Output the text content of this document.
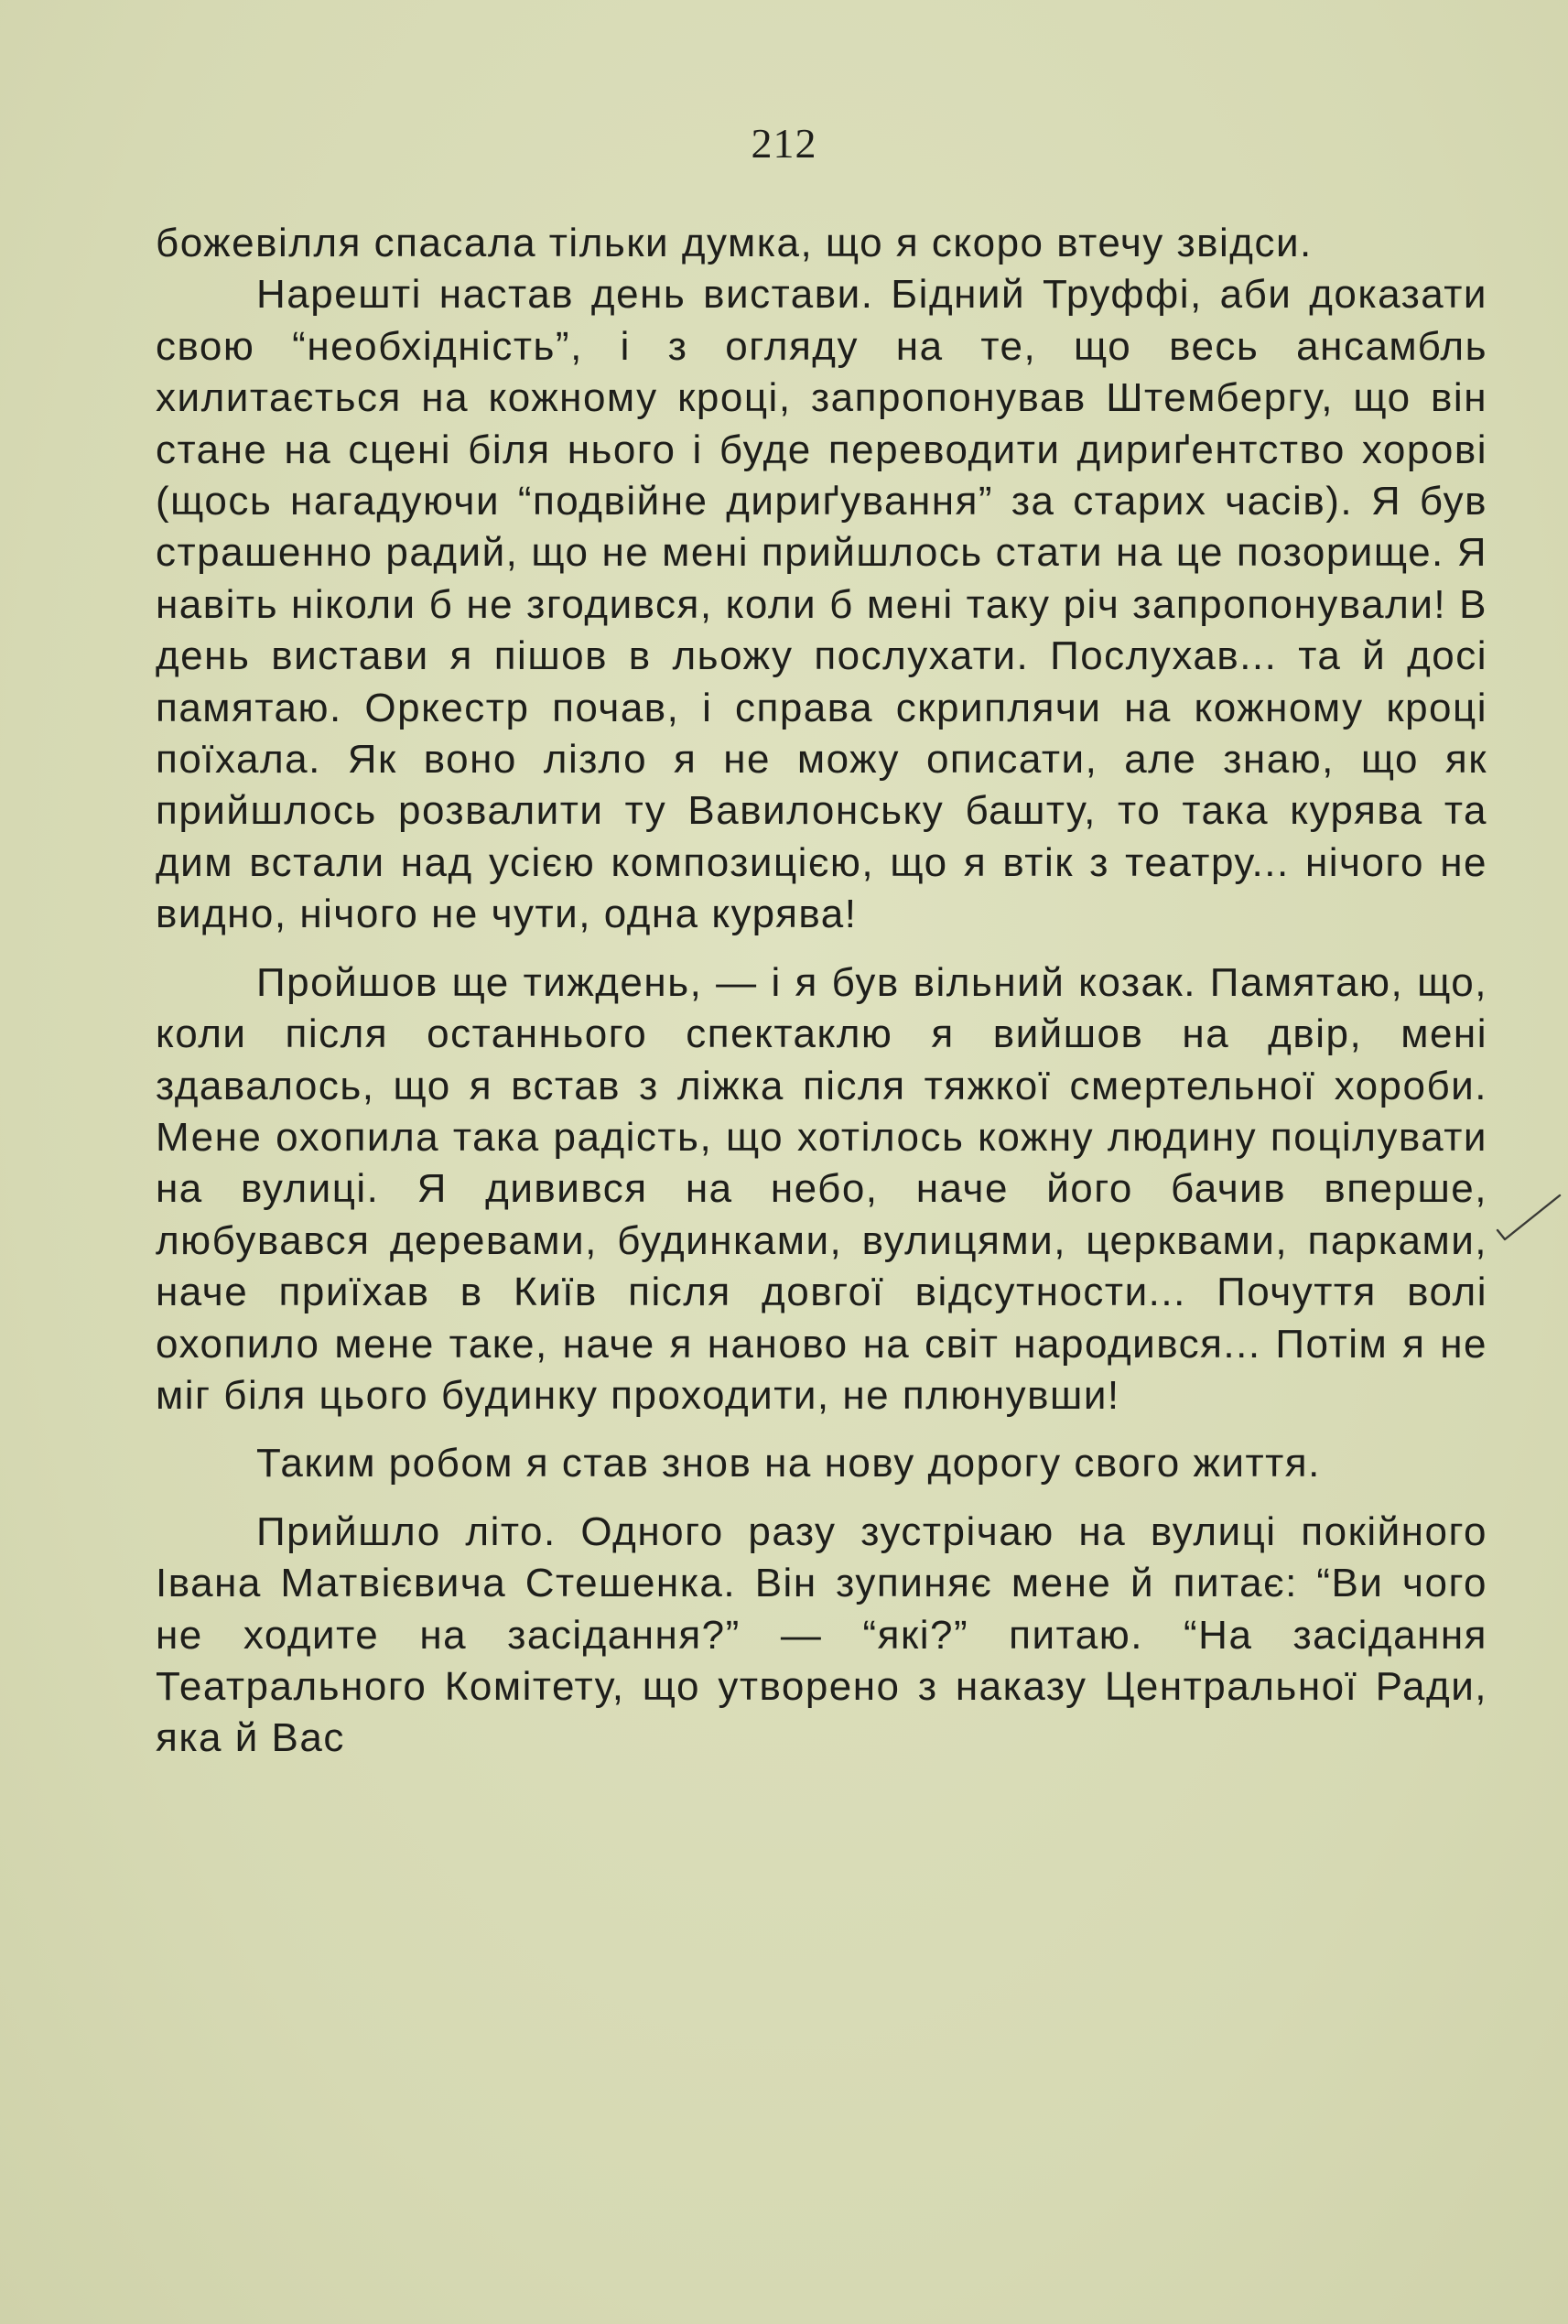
212

божевілля спасала тільки думка, що я скоро втечу звідси.

Нарешті настав день вистави. Бідний Труффі, аби доказати свою “необхідність”, і з огляду на те, що весь ансамбль хилитається на кожному кроці, запропонував Штембергу, що він стане на сцені біля нього і буде переводити дириґентство хорові (щось нагадуючи “подвійне дириґування” за старих часів). Я був страшенно радий, що не мені прийшлось стати на це позорище. Я навіть ніколи б не згодився, коли б мені таку річ запропонували! В день вистави я пішов в льожу послухати. Послухав... та й досі памятаю. Оркестр почав, і справа скриплячи на кожному кроці поїхала. Як воно лізло я не можу описати, але знаю, що як прийшлось розвалити ту Вавилонську башту, то така курява та дим встали над усією композицією, що я втік з театру... нічого не видно, нічого не чути, одна курява!

Пройшов ще тиждень, — і я був вільний козак. Памятаю, що, коли після останнього спектаклю я вийшов на двір, мені здавалось, що я встав з ліжка після тяжкої смертельної хороби. Мене охопила така радість, що хотілось кожну людину поцілувати на вулиці. Я дивився на небо, наче його бачив вперше, любувався деревами, будинками, вулицями, церквами, парками, наче приїхав в Київ після довгої відсутности... Почуття волі охопило мене таке, наче я наново на світ народився... Потім я не міг біля цього будинку проходити, не плюнувши!

Таким робом я став знов на нову дорогу свого життя.

Прийшло літо. Одного разу зустрічаю на вулиці покійного Івана Матвієвича Стешенка. Він зупиняє мене й питає: “Ви чого не ходите на засідання?” — “які?” питаю. “На засідання Театрального Комітету, що утворено з наказу Центральної Ради, яка й Вас
